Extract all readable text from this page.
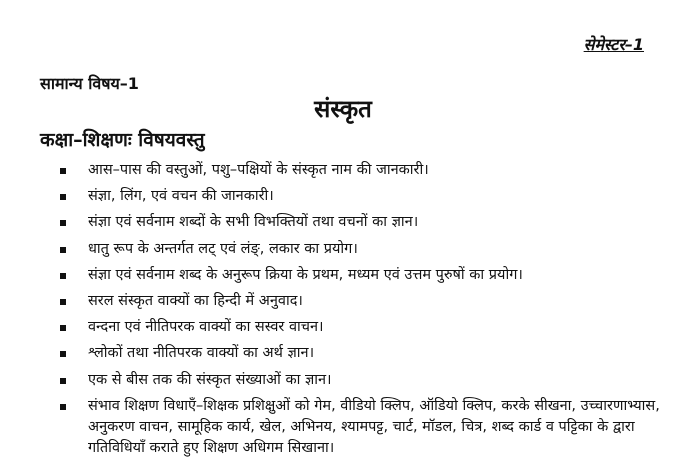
सेमेस्टर–1
सामान्य विषय–1
संस्कृत
कक्षा–शिक्षणः विषयवस्तु
आस–पास की वस्तुओं, पशु–पक्षियों के संस्कृत नाम की जानकारी।
संज्ञा, लिंग, एवं वचन की जानकारी।
संज्ञा एवं सर्वनाम शब्दों के सभी विभक्तियों तथा वचनों का ज्ञान।
धातु रूप के अन्तर्गत लट् एवं लंङ्, लकार का प्रयोग।
संज्ञा एवं सर्वनाम शब्द के अनुरूप क्रिया के प्रथम, मध्यम एवं उत्तम पुरुषों का प्रयोग।
सरल संस्कृत वाक्यों का हिन्दी में अनुवाद।
वन्दना एवं नीतिपरक वाक्यों का सस्वर वाचन।
श्लोकों तथा नीतिपरक वाक्यों का अर्थ ज्ञान।
एक से बीस तक की संस्कृत संख्याओं का ज्ञान।
संभाव शिक्षण विधाएँ–शिक्षक प्रशिक्षुओं को गेम, वीडियो क्लिप, ऑडियो क्लिप, करके सीखना, उच्चारणाभ्यास, अनुकरण वाचन, सामूहिक कार्य, खेल, अभिनय, श्यामपट्ट, चार्ट, मॉडल, चित्र, शब्द कार्ड व पट्टिका के द्वारा गतिविधियाँ कराते हुए शिक्षण अधिगम सिखाना।
